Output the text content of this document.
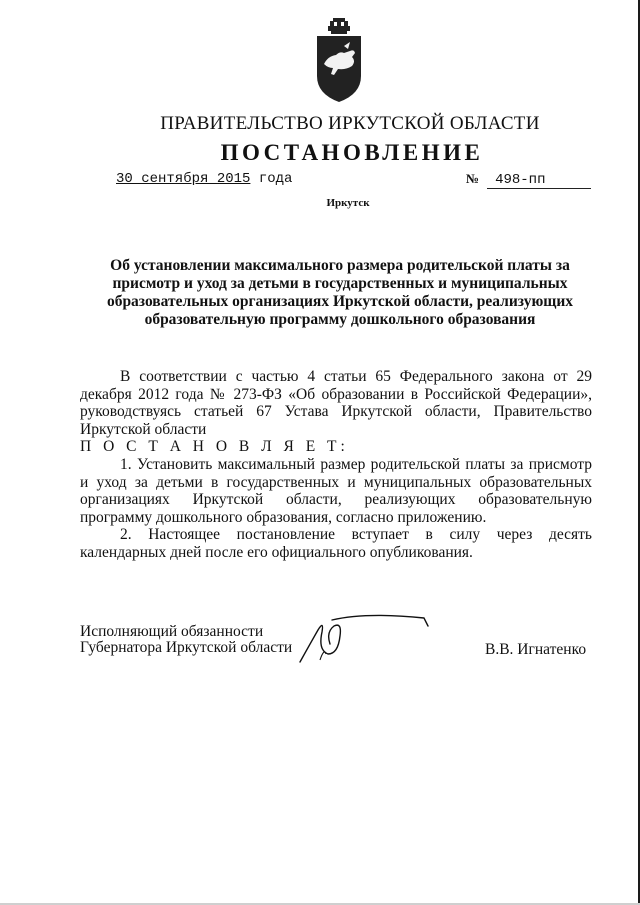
ПРАВИТЕЛЬСТВО ИРКУТСКОЙ ОБЛАСТИ
ПОСТАНОВЛЕНИЕ
30 сентября 2015 года	№ 498-пп
Иркутск
Об установлении максимального размера родительской платы за присмотр и уход за детьми в государственных и муниципальных образовательных организациях Иркутской области, реализующих образовательную программу дошкольного образования

В соответствии с частью 4 статьи 65 Федерального закона от 29 декабря 2012 года № 273-ФЗ «Об образовании в Российской Федерации», руководствуясь статьей 67 Устава Иркутской области, Правительство Иркутской области

П О С Т А Н О В Л Я Е Т:

1. Установить максимальный размер родительской платы за присмотр и уход за детьми в государственных и муниципальных образовательных организациях Иркутской области, реализующих образовательную программу дошкольного образования, согласно приложению.

2. Настоящее постановление вступает в силу через десять календарных дней после его официального опубликования.

Исполняющий обязанности
Губернатора Иркутской области	В.В. Игнатенко
